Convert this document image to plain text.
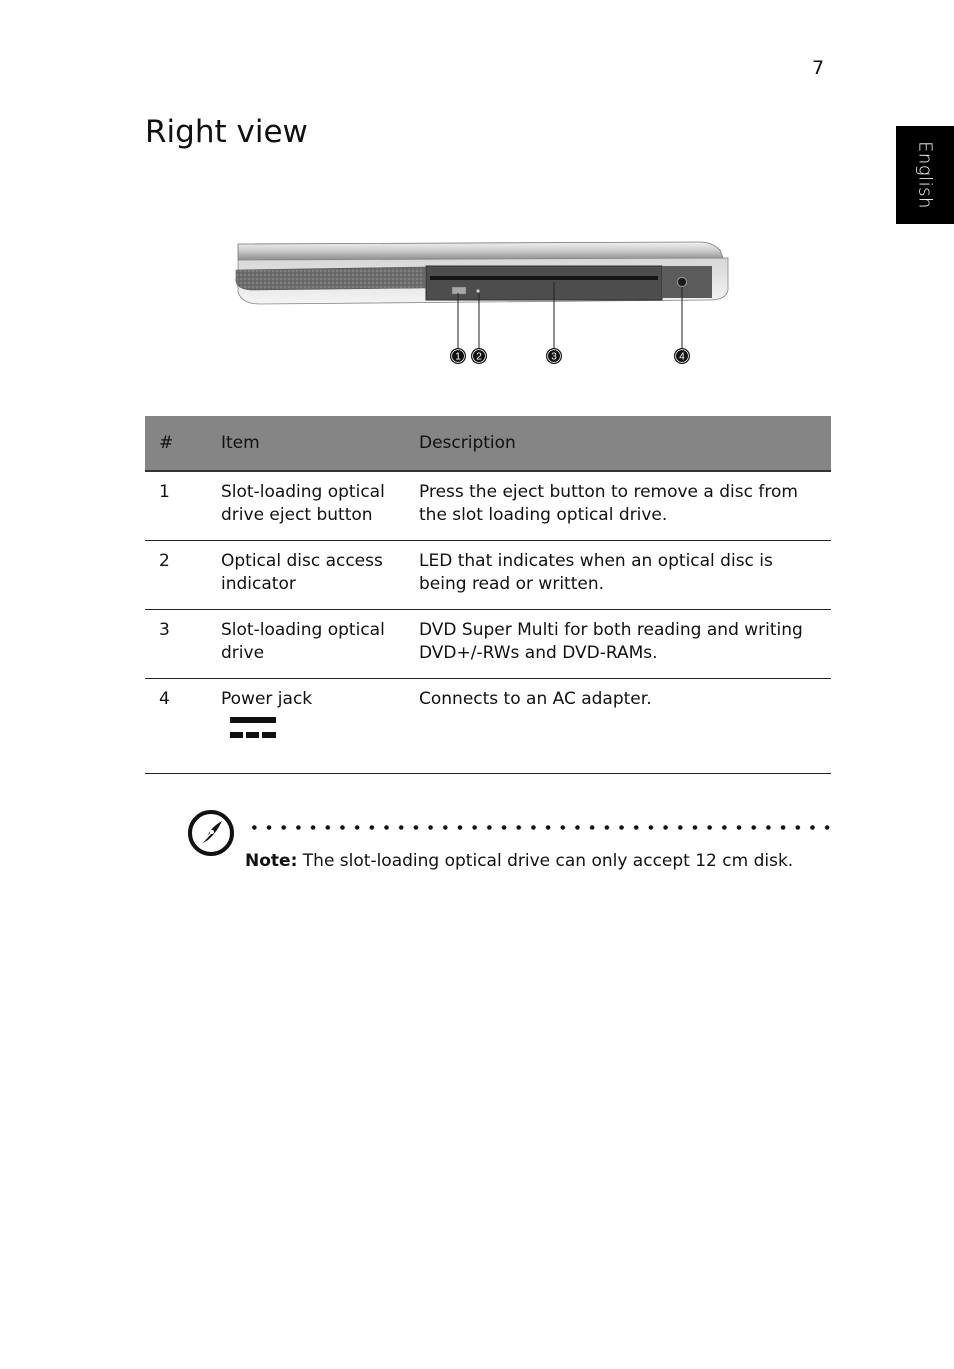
7
English
Right view
1 2	3	4
#	Item	Description
1	Slot-loading optical drive eject button	Press the eject button to remove a disc from the slot loading optical drive.
2	Optical disc access indicator	LED that indicates when an optical disc is being read or written.
3	Slot-loading optical drive	DVD Super Multi for both reading and writing DVD+/-RWs and DVD-RAMs.
4	Power jack	Connects to an AC adapter.
Note: The slot-loading optical drive can only accept 12 cm disk.
